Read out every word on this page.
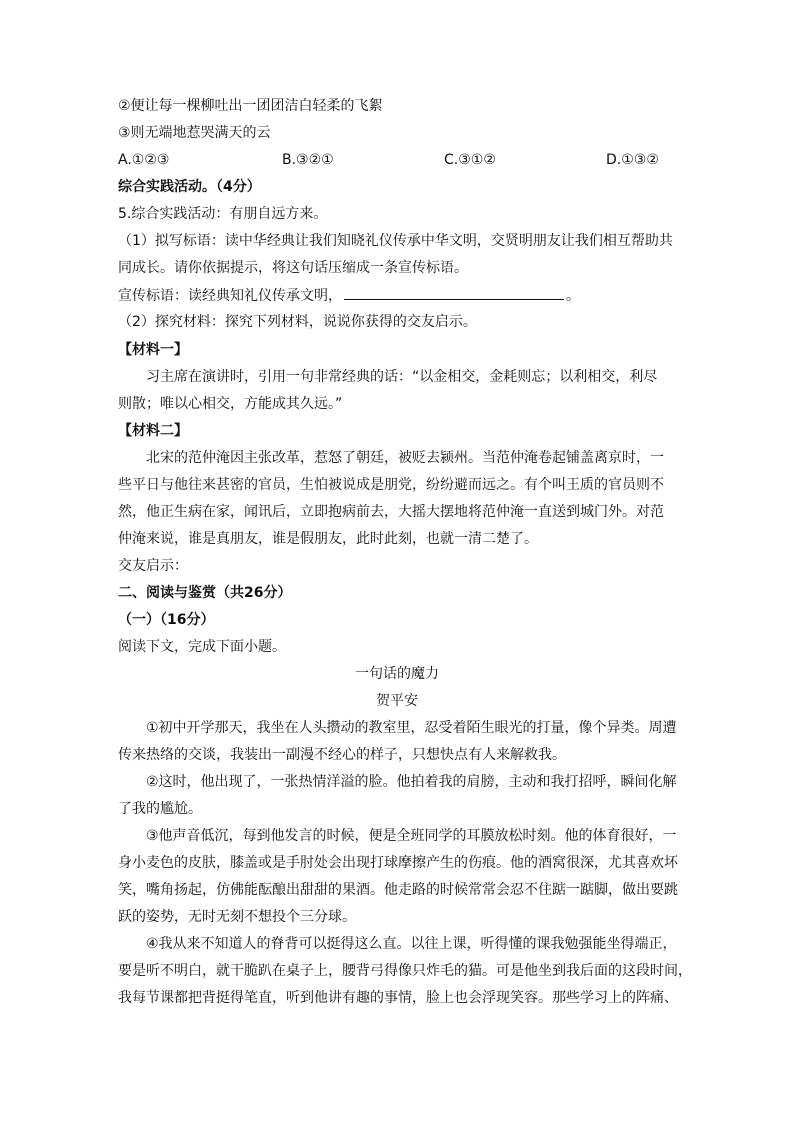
②便让每一棵柳吐出一团团洁白轻柔的飞絮
③则无端地惹哭满天的云
A.①②③	B.③②①	C.③①②	D.①③②
综合实践活动。（4分）
5.综合实践活动：有朋自远方来。
（1）拟写标语：读中华经典让我们知晓礼仪传承中华文明，交贤明朋友让我们相互帮助共
同成长。请你依据提示，将这句话压缩成一条宣传标语。
宣传标语：读经典知礼仪传承文明，	。
（2）探究材料：探究下列材料，说说你获得的交友启示。
【材料一】
习主席在演讲时，引用一句非常经典的话：“以金相交，金耗则忘；以利相交，利尽
则散；唯以心相交，方能成其久远。”
【材料二】
北宋的范仲淹因主张改革，惹怒了朝廷，被贬去颍州。当范仲淹卷起铺盖离京时，一
些平日与他往来甚密的官员，生怕被说成是朋党，纷纷避而远之。有个叫王质的官员则不
然，他正生病在家，闻讯后，立即抱病前去，大摇大摆地将范仲淹一直送到城门外。对范
仲淹来说，谁是真朋友，谁是假朋友，此时此刻，也就一清二楚了。
交友启示：
二、阅读与鉴赏（共26分）
（一）（16分）
阅读下文，完成下面小题。
一句话的魔力
贺平安
①初中开学那天，我坐在人头攒动的教室里，忍受着陌生眼光的打量，像个异类。周遭
传来热络的交谈，我装出一副漫不经心的样子，只想快点有人来解救我。
②这时，他出现了，一张热情洋溢的脸。他拍着我的肩膀，主动和我打招呼，瞬间化解
了我的尴尬。
③他声音低沉，每到他发言的时候，便是全班同学的耳膜放松时刻。他的体育很好，一
身小麦色的皮肤，膝盖或是手肘处会出现打球摩擦产生的伤痕。他的酒窝很深，尤其喜欢坏
笑，嘴角扬起，仿佛能酝酿出甜甜的果酒。他走路的时候常常会忍不住踮一踮脚，做出要跳
跃的姿势，无时无刻不想投个三分球。
④我从来不知道人的脊背可以挺得这么直。以往上课，听得懂的课我勉强能坐得端正，
要是听不明白，就干脆趴在桌子上，腰背弓得像只炸毛的猫。可是他坐到我后面的这段时间，
我每节课都把背挺得笔直，听到他讲有趣的事情，脸上也会浮现笑容。那些学习上的阵痛、
